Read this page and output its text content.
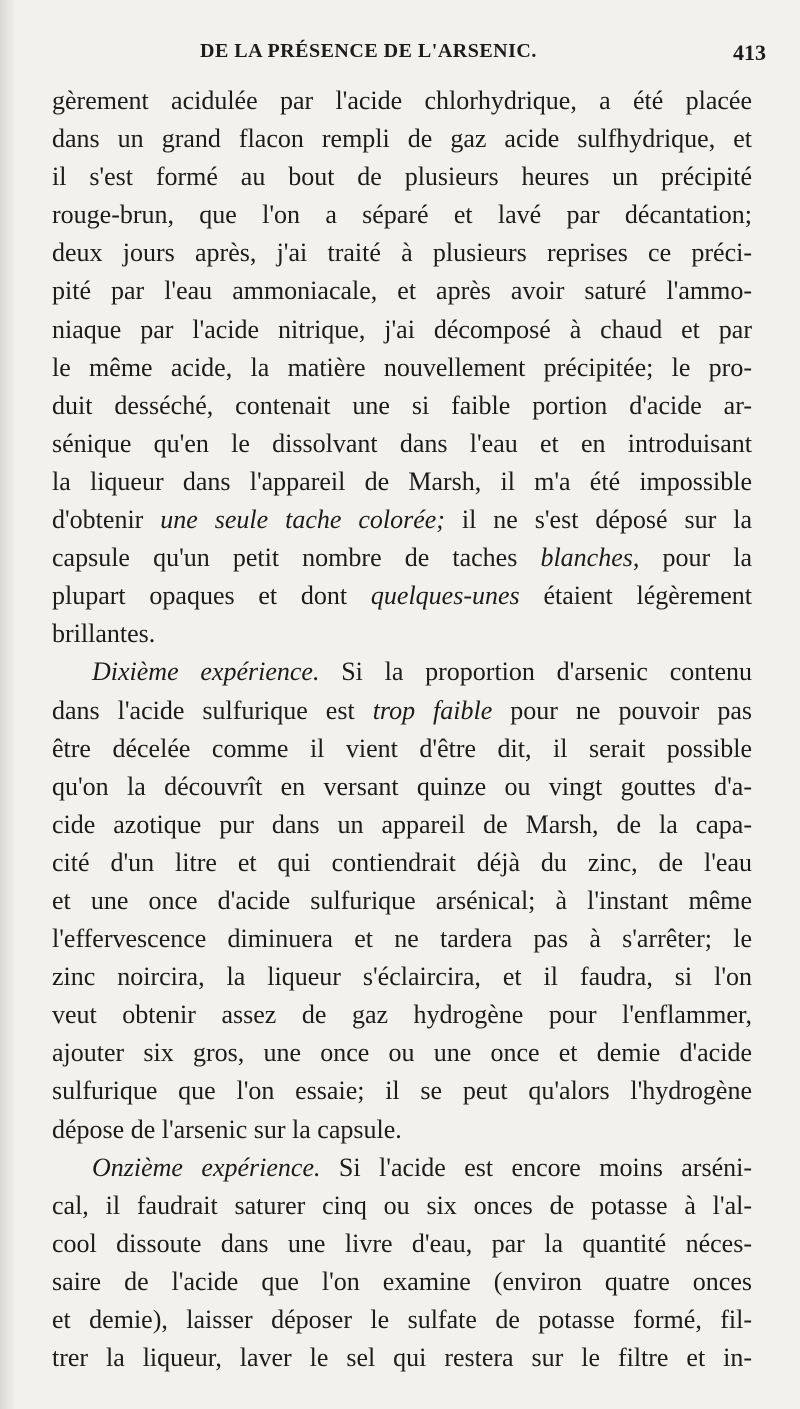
DE LA PRÉSENCE DE L'ARSENIC.	413
gèrement acidulée par l'acide chlorhydrique, a été placée
dans un grand flacon rempli de gaz acide sulfhydrique, et
il s'est formé au bout de plusieurs heures un précipité
rouge-brun, que l'on a séparé et lavé par décantation;
deux jours après, j'ai traité à plusieurs reprises ce préci-
pité par l'eau ammoniacale, et après avoir saturé l'ammo-
niaque par l'acide nitrique, j'ai décomposé à chaud et par
le même acide, la matière nouvellement précipitée; le pro-
duit desséché, contenait une si faible portion d'acide ar-
sénique qu'en le dissolvant dans l'eau et en introduisant
la liqueur dans l'appareil de Marsh, il m'a été impossible
d'obtenir une seule tache colorée; il ne s'est déposé sur la
capsule qu'un petit nombre de taches blanches, pour la
plupart opaques et dont quelques-unes étaient légèrement
brillantes.
Dixième expérience. Si la proportion d'arsenic contenu
dans l'acide sulfurique est trop faible pour ne pouvoir pas
être décelée comme il vient d'être dit, il serait possible
qu'on la découvrît en versant quinze ou vingt gouttes d'a-
cide azotique pur dans un appareil de Marsh, de la capa-
cité d'un litre et qui contiendrait déjà du zinc, de l'eau
et une once d'acide sulfurique arsénical; à l'instant même
l'effervescence diminuera et ne tardera pas à s'arrêter; le
zinc noircira, la liqueur s'éclaircira, et il faudra, si l'on
veut obtenir assez de gaz hydrogène pour l'enflammer,
ajouter six gros, une once ou une once et demie d'acide
sulfurique que l'on essaie; il se peut qu'alors l'hydrogène
dépose de l'arsenic sur la capsule.
Onzième expérience. Si l'acide est encore moins arséni-
cal, il faudrait saturer cinq ou six onces de potasse à l'al-
cool dissoute dans une livre d'eau, par la quantité néces-
saire de l'acide que l'on examine (environ quatre onces
et demie), laisser déposer le sulfate de potasse formé, fil-
trer la liqueur, laver le sel qui restera sur le filtre et in-
